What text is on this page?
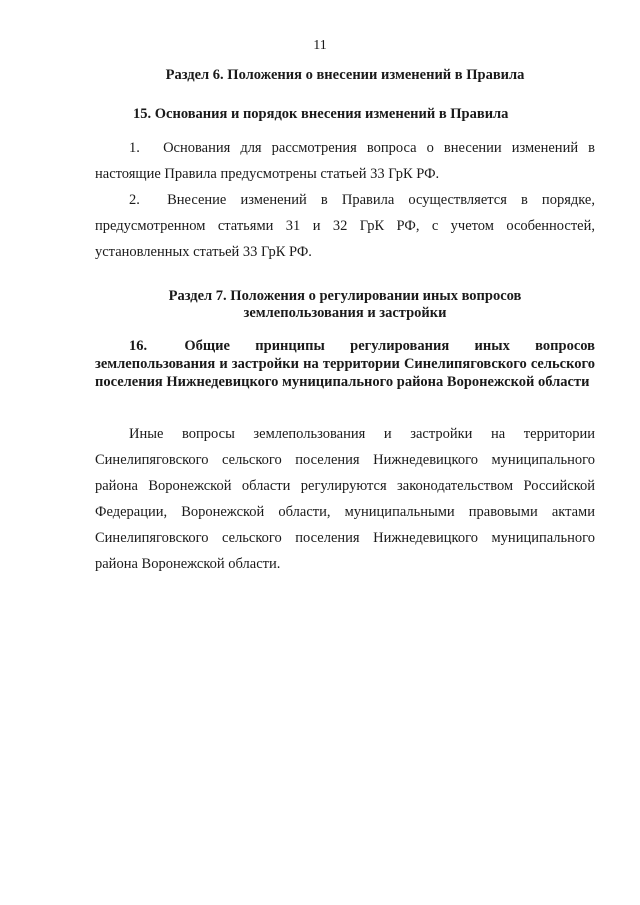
11
Раздел 6. Положения о внесении изменений в Правила
15. Основания и порядок внесения изменений в Правила
1. Основания для рассмотрения вопроса о внесении изменений в настоящие Правила предусмотрены статьей 33 ГрК РФ.
2. Внесение изменений в Правила осуществляется в порядке, предусмотренном статьями 31 и 32 ГрК РФ, с учетом особенностей, установленных статьей 33 ГрК РФ.
Раздел 7. Положения о регулировании иных вопросов
землепользования и застройки
16.	Общие принципы регулирования иных вопросов землепользования и застройки на территории Синелипяговского сельского поселения Нижнедевицкого муниципального района Воронежской области
Иные вопросы землепользования и застройки на территории Синелипяговского сельского поселения Нижнедевицкого муниципального района Воронежской области регулируются законодательством Российской Федерации, Воронежской области, муниципальными правовыми актами Синелипяговского сельского поселения Нижнедевицкого муниципального района Воронежской области.
